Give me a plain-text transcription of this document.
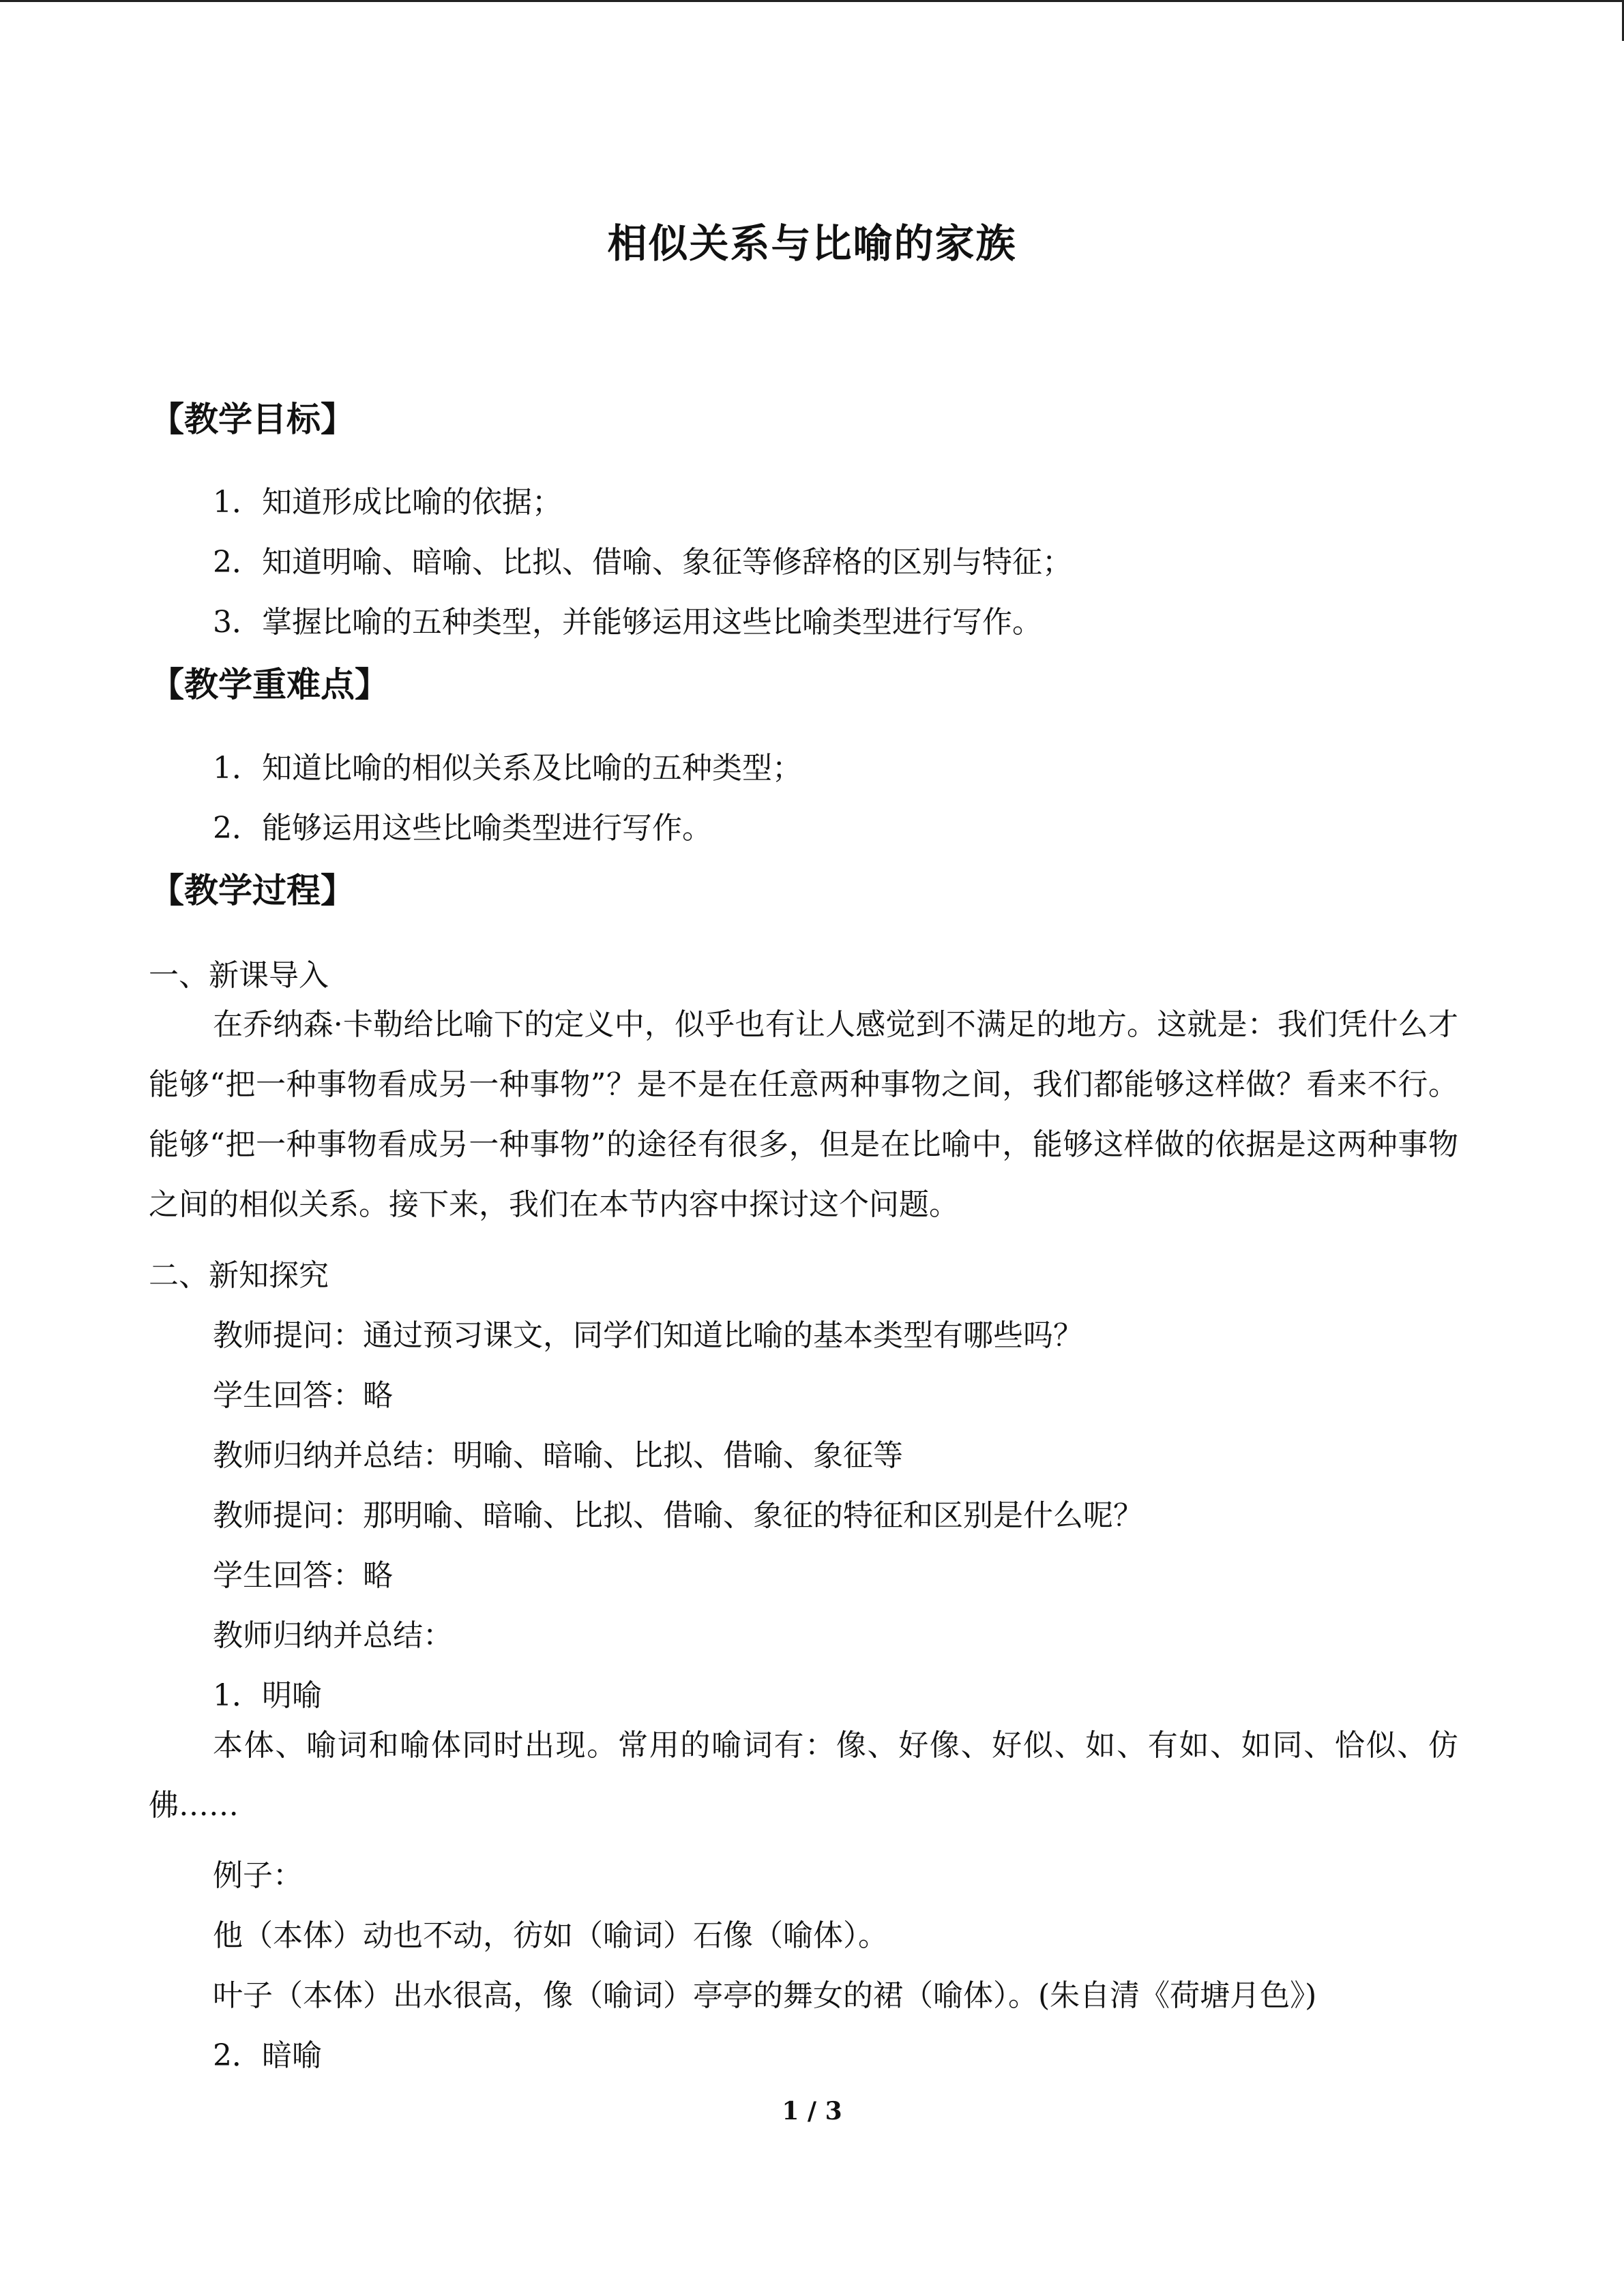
相似关系与比喻的家族
【教学目标】
1．知道形成比喻的依据；
2．知道明喻、暗喻、比拟、借喻、象征等修辞格的区别与特征；
3．掌握比喻的五种类型，并能够运用这些比喻类型进行写作。
【教学重难点】
1．知道比喻的相似关系及比喻的五种类型；
2．能够运用这些比喻类型进行写作。
【教学过程】
一、新课导入
在乔纳森·卡勒给比喻下的定义中，似乎也有让人感觉到不满足的地方。这就是：我们凭什么才能够“把一种事物看成另一种事物”？是不是在任意两种事物之间，我们都能够这样做？看来不行。能够“把一种事物看成另一种事物”的途径有很多，但是在比喻中，能够这样做的依据是这两种事物之间的相似关系。接下来，我们在本节内容中探讨这个问题。
二、新知探究
教师提问：通过预习课文，同学们知道比喻的基本类型有哪些吗？
学生回答：略
教师归纳并总结：明喻、暗喻、比拟、借喻、象征等
教师提问：那明喻、暗喻、比拟、借喻、象征的特征和区别是什么呢？
学生回答：略
教师归纳并总结：
1．明喻
本体、喻词和喻体同时出现。常用的喻词有：像、好像、好似、如、有如、如同、恰似、仿佛……
例子：
他（本体）动也不动，彷如（喻词）石像（喻体）。
叶子（本体）出水很高，像（喻词）亭亭的舞女的裙（喻体）。(朱自清《荷塘月色》)
2．暗喻
1 / 3
